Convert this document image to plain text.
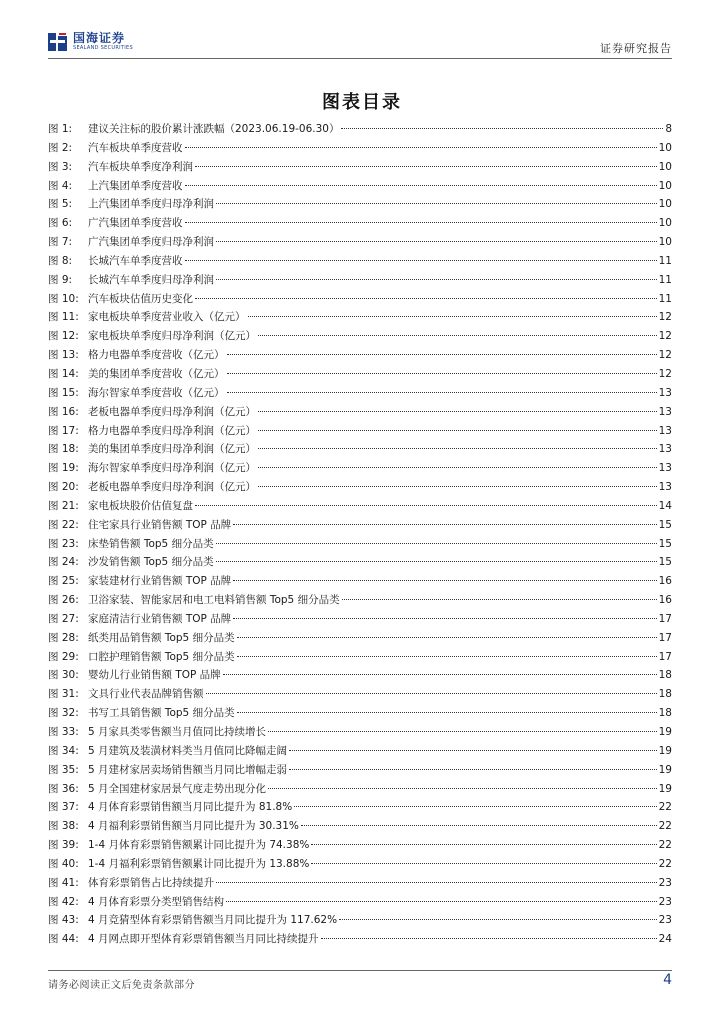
国海证券
SEALAND SECURITIES	证券研究报告
图表目录
图 1:	建议关注标的股价累计涨跌幅（2023.06.19-06.30）	8
图 2:	汽车板块单季度营收	10
图 3:	汽车板块单季度净利润	10
图 4:	上汽集团单季度营收	10
图 5:	上汽集团单季度归母净利润	10
图 6:	广汽集团单季度营收	10
图 7:	广汽集团单季度归母净利润	10
图 8:	长城汽车单季度营收	11
图 9:	长城汽车单季度归母净利润	11
图 10: 汽车板块估值历史变化	11
图 11: 家电板块单季度营业收入（亿元）	12
图 12: 家电板块单季度归母净利润（亿元）	12
图 13: 格力电器单季度营收（亿元）	12
图 14: 美的集团单季度营收（亿元）	12
图 15: 海尔智家单季度营收（亿元）	13
图 16: 老板电器单季度归母净利润（亿元）	13
图 17: 格力电器单季度归母净利润（亿元）	13
图 18: 美的集团单季度归母净利润（亿元）	13
图 19: 海尔智家单季度归母净利润（亿元）	13
图 20: 老板电器单季度归母净利润（亿元）	13
图 21: 家电板块股价估值复盘	14
图 22: 住宅家具行业销售额 TOP 品牌	15
图 23: 床垫销售额 Top5 细分品类	15
图 24: 沙发销售额 Top5 细分品类	15
图 25: 家装建材行业销售额 TOP 品牌	16
图 26: 卫浴家装、智能家居和电工电料销售额 Top5 细分品类	16
图 27: 家庭清洁行业销售额 TOP 品牌	17
图 28: 纸类用品销售额 Top5 细分品类	17
图 29: 口腔护理销售额 Top5 细分品类	17
图 30: 婴幼儿行业销售额 TOP 品牌	18
图 31: 文具行业代表品牌销售额	18
图 32: 书写工具销售额 Top5 细分品类	18
图 33: 5 月家具类零售额当月值同比持续增长	19
图 34: 5 月建筑及装潢材料类当月值同比降幅走阔	19
图 35: 5 月建材家居卖场销售额当月同比增幅走弱	19
图 36: 5 月全国建材家居景气度走势出现分化	19
图 37: 4 月体育彩票销售额当月同比提升为 81.8%	22
图 38: 4 月福利彩票销售额当月同比提升为 30.31%	22
图 39: 1-4 月体育彩票销售额累计同比提升为 74.38%	22
图 40: 1-4 月福利彩票销售额累计同比提升为 13.88%	22
图 41: 体育彩票销售占比持续提升	23
图 42: 4 月体育彩票分类型销售结构	23
图 43: 4 月竞猜型体育彩票销售额当月同比提升为 117.62%	23
图 44: 4 月网点即开型体育彩票销售额当月同比持续提升	24
请务必阅读正文后免责条款部分	4
